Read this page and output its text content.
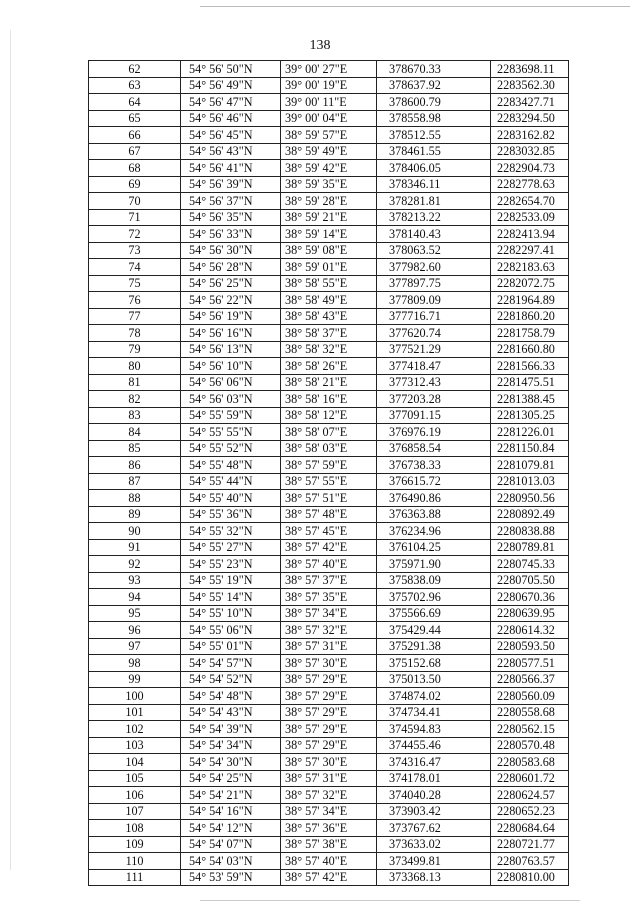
138
62	54° 56' 50"N	39° 00' 27"E	378670.33	2283698.11
63	54° 56' 49"N	39° 00' 19"E	378637.92	2283562.30
64	54° 56' 47"N	39° 00' 11"E	378600.79	2283427.71
65	54° 56' 46"N	39° 00' 04"E	378558.98	2283294.50
66	54° 56' 45"N	38° 59' 57"E	378512.55	2283162.82
67	54° 56' 43"N	38° 59' 49"E	378461.55	2283032.85
68	54° 56' 41"N	38° 59' 42"E	378406.05	2282904.73
69	54° 56' 39"N	38° 59' 35"E	378346.11	2282778.63
70	54° 56' 37"N	38° 59' 28"E	378281.81	2282654.70
71	54° 56' 35"N	38° 59' 21"E	378213.22	2282533.09
72	54° 56' 33"N	38° 59' 14"E	378140.43	2282413.94
73	54° 56' 30"N	38° 59' 08"E	378063.52	2282297.41
74	54° 56' 28"N	38° 59' 01"E	377982.60	2282183.63
75	54° 56' 25"N	38° 58' 55"E	377897.75	2282072.75
76	54° 56' 22"N	38° 58' 49"E	377809.09	2281964.89
77	54° 56' 19"N	38° 58' 43"E	377716.71	2281860.20
78	54° 56' 16"N	38° 58' 37"E	377620.74	2281758.79
79	54° 56' 13"N	38° 58' 32"E	377521.29	2281660.80
80	54° 56' 10"N	38° 58' 26"E	377418.47	2281566.33
81	54° 56' 06"N	38° 58' 21"E	377312.43	2281475.51
82	54° 56' 03"N	38° 58' 16"E	377203.28	2281388.45
83	54° 55' 59"N	38° 58' 12"E	377091.15	2281305.25
84	54° 55' 55"N	38° 58' 07"E	376976.19	2281226.01
85	54° 55' 52"N	38° 58' 03"E	376858.54	2281150.84
86	54° 55' 48"N	38° 57' 59"E	376738.33	2281079.81
87	54° 55' 44"N	38° 57' 55"E	376615.72	2281013.03
88	54° 55' 40"N	38° 57' 51"E	376490.86	2280950.56
89	54° 55' 36"N	38° 57' 48"E	376363.88	2280892.49
90	54° 55' 32"N	38° 57' 45"E	376234.96	2280838.88
91	54° 55' 27"N	38° 57' 42"E	376104.25	2280789.81
92	54° 55' 23"N	38° 57' 40"E	375971.90	2280745.33
93	54° 55' 19"N	38° 57' 37"E	375838.09	2280705.50
94	54° 55' 14"N	38° 57' 35"E	375702.96	2280670.36
95	54° 55' 10"N	38° 57' 34"E	375566.69	2280639.95
96	54° 55' 06"N	38° 57' 32"E	375429.44	2280614.32
97	54° 55' 01"N	38° 57' 31"E	375291.38	2280593.50
98	54° 54' 57"N	38° 57' 30"E	375152.68	2280577.51
99	54° 54' 52"N	38° 57' 29"E	375013.50	2280566.37
100	54° 54' 48"N	38° 57' 29"E	374874.02	2280560.09
101	54° 54' 43"N	38° 57' 29"E	374734.41	2280558.68
102	54° 54' 39"N	38° 57' 29"E	374594.83	2280562.15
103	54° 54' 34"N	38° 57' 29"E	374455.46	2280570.48
104	54° 54' 30"N	38° 57' 30"E	374316.47	2280583.68
105	54° 54' 25"N	38° 57' 31"E	374178.01	2280601.72
106	54° 54' 21"N	38° 57' 32"E	374040.28	2280624.57
107	54° 54' 16"N	38° 57' 34"E	373903.42	2280652.23
108	54° 54' 12"N	38° 57' 36"E	373767.62	2280684.64
109	54° 54' 07"N	38° 57' 38"E	373633.02	2280721.77
110	54° 54' 03"N	38° 57' 40"E	373499.81	2280763.57
111	54° 53' 59"N	38° 57' 42"E	373368.13	2280810.00
